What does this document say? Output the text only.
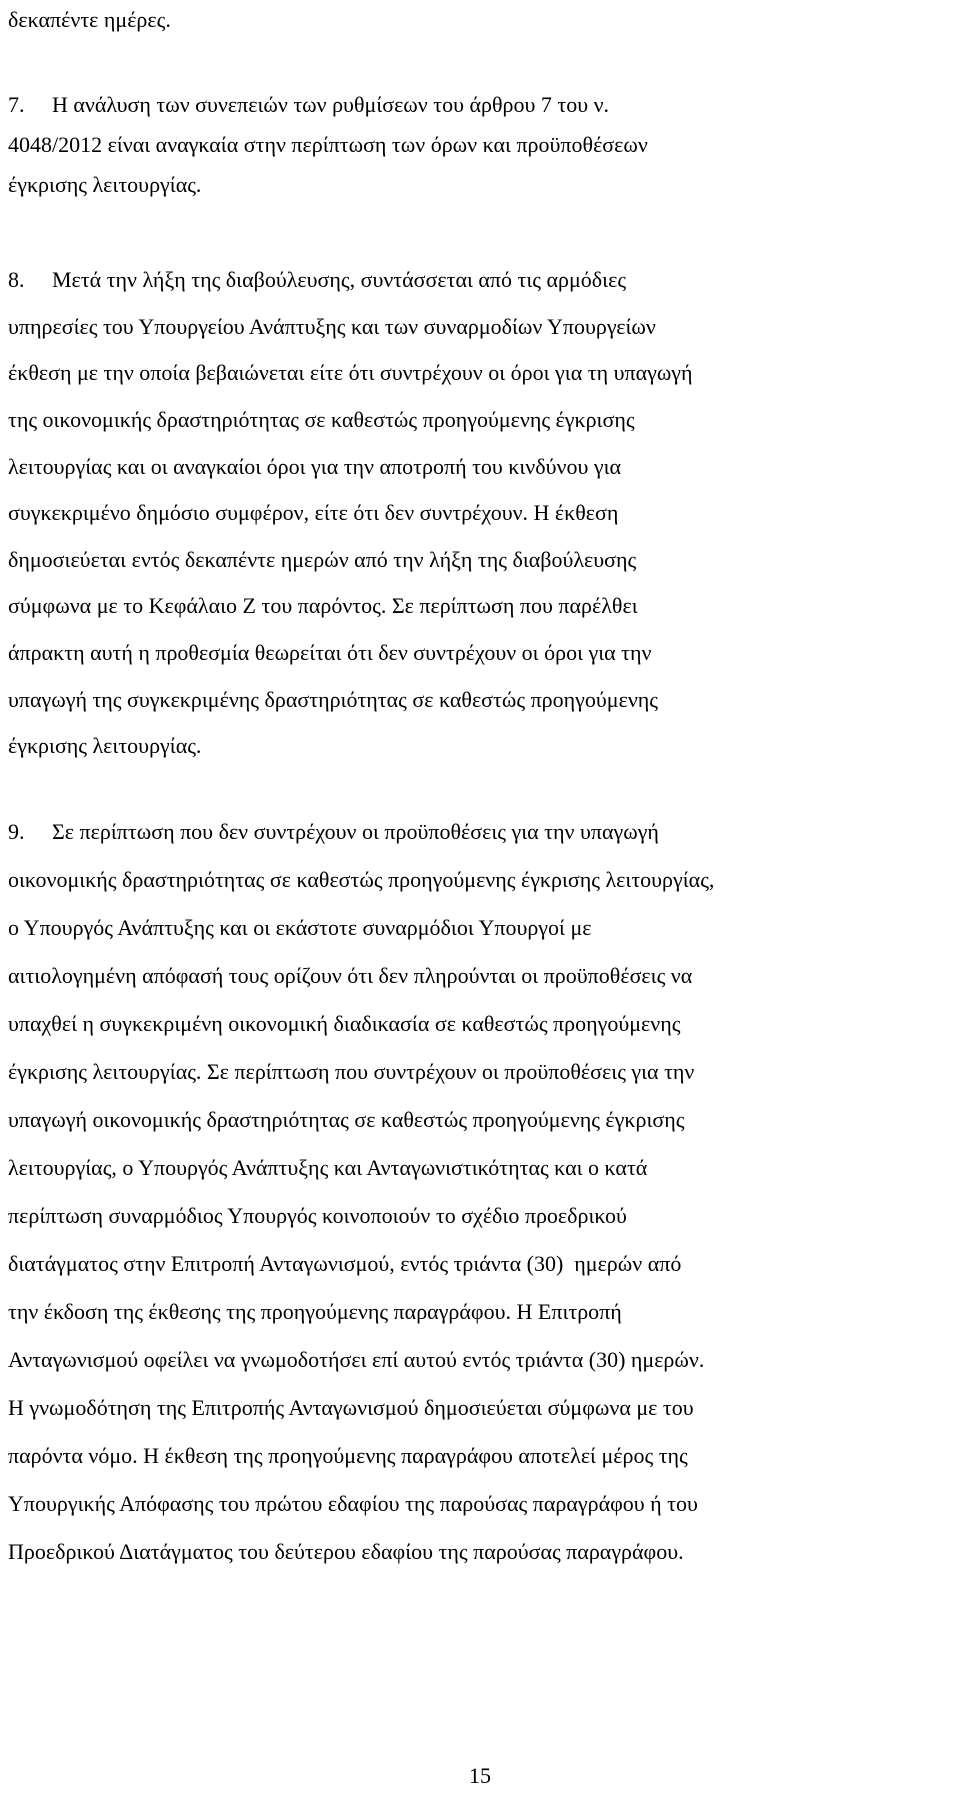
δεκαπέντε ημέρες.

7.     Η ανάλυση των συνεπειών των ρυθμίσεων του άρθρου 7 του ν.

4048/2012 είναι αναγκαία στην περίπτωση των όρων και προϋποθέσεων

έγκρισης λειτουργίας.

8.     Μετά την λήξη της διαβούλευσης, συντάσσεται από τις αρμόδιες

υπηρεσίες του Υπουργείου Ανάπτυξης και των συναρμοδίων Υπουργείων

έκθεση με την οποία βεβαιώνεται είτε ότι συντρέχουν οι όροι για τη υπαγωγή

της οικονομικής δραστηριότητας σε καθεστώς προηγούμενης έγκρισης

λειτουργίας και οι αναγκαίοι όροι για την αποτροπή του κινδύνου για

συγκεκριμένο δημόσιο συμφέρον, είτε ότι δεν συντρέχουν. Η έκθεση

δημοσιεύεται εντός δεκαπέντε ημερών από την λήξη της διαβούλευσης

σύμφωνα με το Κεφάλαιο Ζ του παρόντος. Σε περίπτωση που παρέλθει

άπρακτη αυτή η προθεσμία θεωρείται ότι δεν συντρέχουν οι όροι για την

υπαγωγή της συγκεκριμένης δραστηριότητας σε καθεστώς προηγούμενης

έγκρισης λειτουργίας.

9.     Σε περίπτωση που δεν συντρέχουν οι προϋποθέσεις για την υπαγωγή

οικονομικής δραστηριότητας σε καθεστώς προηγούμενης έγκρισης λειτουργίας,

ο Υπουργός Ανάπτυξης και οι εκάστοτε συναρμόδιοι Υπουργοί με

αιτιολογημένη απόφασή τους ορίζουν ότι δεν πληρούνται οι προϋποθέσεις να

υπαχθεί η συγκεκριμένη οικονομική διαδικασία σε καθεστώς προηγούμενης

έγκρισης λειτουργίας. Σε περίπτωση που συντρέχουν οι προϋποθέσεις για την

υπαγωγή οικονομικής δραστηριότητας σε καθεστώς προηγούμενης έγκρισης

λειτουργίας, ο Υπουργός Ανάπτυξης και Ανταγωνιστικότητας και ο κατά

περίπτωση συναρμόδιος Υπουργός κοινοποιούν το σχέδιο προεδρικού

διατάγματος στην Επιτροπή Ανταγωνισμού, εντός τριάντα (30)  ημερών από

την έκδοση της έκθεσης της προηγούμενης παραγράφου. Η Επιτροπή

Ανταγωνισμού οφείλει να γνωμοδοτήσει επί αυτού εντός τριάντα (30) ημερών.

Η γνωμοδότηση της Επιτροπής Ανταγωνισμού δημοσιεύεται σύμφωνα με του

παρόντα νόμο. Η έκθεση της προηγούμενης παραγράφου αποτελεί μέρος της

Υπουργικής Απόφασης του πρώτου εδαφίου της παρούσας παραγράφου ή του

Προεδρικού Διατάγματος του δεύτερου εδαφίου της παρούσας παραγράφου.

15
